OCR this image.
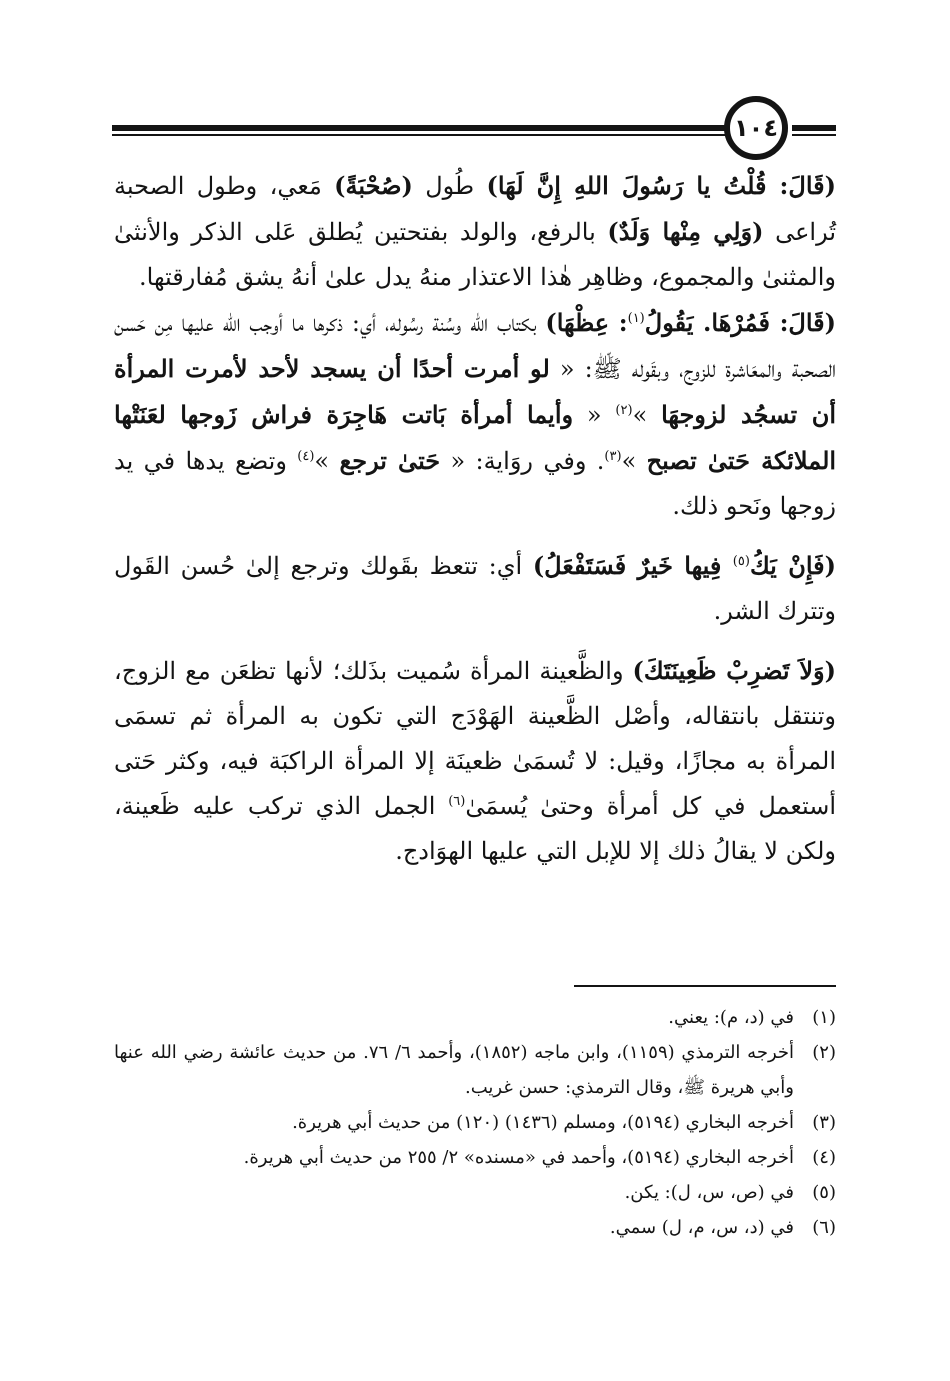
١٠٤

(قَالَ: قُلْتُ يا رَسُولَ اللهِ إِنَّ لَهَا) طُول (صُحْبَةً) مَعي، وطول الصحبة تُراعى (وَلِي مِنْها وَلَدٌ) بالرفع، والولد بفتحتين يُطلق عَلى الذكر والأنثىٰ والمثنىٰ والمجموع، وظاهِر هٰذا الاعتذار منهُ يدل علىٰ أنهُ يشق مُفارقتها.

(قَالَ: فَمُرْهَا. يَقُولُ$^{(١)}$: عِظْهَا) بكتاب الله وسُنة رسُوله، أي: ذكرها ما أوجب الله عليها مِن حَسن الصحبة والمعَاشرة للزوج، وبقَوله ﷺ: « لو أمرت أحدًا أن يسجد لأحد لأمرت المرأة أن تسجُد لزوجهَا »$^{(٢)}$ « وأيما أمرأة بَاتت هَاجِرَة فراش زَوجها لعَنَتْها الملائكة حَتىٰ تصبح »$^{(٣)}$. وفي روَاية: « حَتىٰ ترجع »$^{(٤)}$ وتضع يدها في يد زوجها ونَحو ذلك.

(فَإِنْ يَكُ$^{(٥)}$ فِيها خَيرٌ فَسَتَفْعَلُ) أي: تتعظ بقَولك وترجع إلىٰ حُسن القَول وتترك الشر.

(وَلاَ تَضرِبْ ظَعِينَتَكَ) والظَّعينة المرأة سُميت بذَلك؛ لأنها تظعَن مع الزوج، وتنتقل بانتقاله، وأصْل الظَّعينة الهَوْدَج التي تكون به المرأة ثم تسمَى المرأة به مجازًا، وقيل: لا تُسمَىٰ ظعينَة إلا المرأة الراكبَة فيه، وكثر حَتى أستعمل في كل أمرأة وحتىٰ يُسمَىٰ$^{(٦)}$ الجمل الذي تركب عليه ظَعينة، ولكن لا يقالُ ذلك إلا للإبل التي عليها الهوَادج.

(١)
في (د، م): يعني.
(٢)
أخرجه الترمذي (١١٥٩)، وابن ماجه (١٨٥٢)، وأحمد ٦/ ٧٦. من حديث عائشة رضي الله عنها وأبي هريرة ﷺ، وقال الترمذي: حسن غريب.
(٣)
أخرجه البخاري (٥١٩٤)، ومسلم (١٤٣٦) (١٢٠) من حديث أبي هريرة.
(٤)
أخرجه البخاري (٥١٩٤)، وأحمد في «مسنده» ٢/ ٢٥٥ من حديث أبي هريرة.
(٥)
في (ص، س، ل): يكن.
(٦)
في (د، س، م، ل) سمي.
